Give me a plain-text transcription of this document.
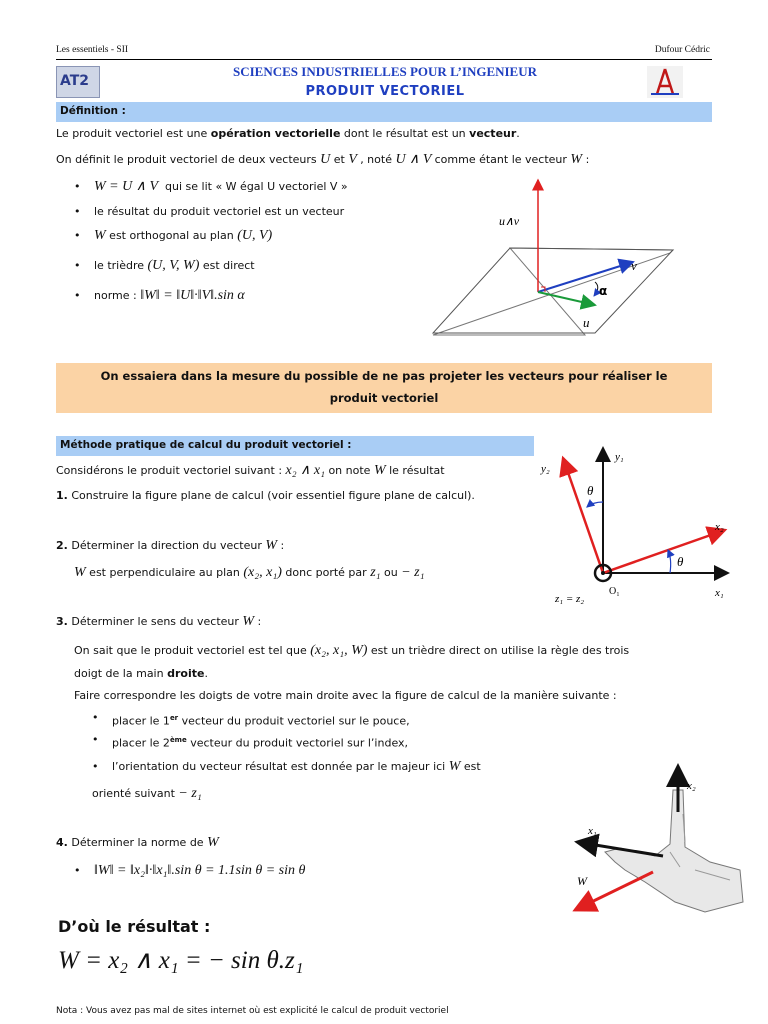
Les essentiels - SII	Dufour Cédric
AT2
SCIENCES INDUSTRIELLES POUR L’INGENIEUR
PRODUIT VECTORIEL
Définition :
Le produit vectoriel est une opération vectorielle dont le résultat est un vecteur.
On définit le produit vectoriel de deux vecteurs U et V , noté U ∧ V comme étant le vecteur W :
• W = U ∧ V qui se lit « W égal U vectoriel V »
• le résultat du produit vectoriel est un vecteur
• W est orthogonal au plan (U, V)
• le trièdre (U, V, W) est direct
• norme : ‖W‖ = ‖U‖·‖V‖.sin α
u∧v
v
u
α
On essaiera dans la mesure du possible de ne pas projeter les vecteurs pour réaliser le
produit vectoriel
Méthode pratique de calcul du produit vectoriel :
Considérons le produit vectoriel suivant : x₂ ∧ x₁ on note W le résultat
1. Construire la figure plane de calcul (voir essentiel figure plane de calcul).
2. Déterminer la direction du vecteur W :
W est perpendiculaire au plan (x₂, x₁) donc porté par z₁ ou − z₁
3. Déterminer le sens du vecteur W :
On sait que le produit vectoriel est tel que (x₂, x₁, W) est un trièdre direct on utilise la règle des trois
doigt de la main droite.
Faire correspondre les doigts de votre main droite avec la figure de calcul de la manière suivante :
• placer le 1er vecteur du produit vectoriel sur le pouce,
• placer le 2ème vecteur du produit vectoriel sur l’index,
• l’orientation du vecteur résultat est donnée par le majeur ici W est
orienté suivant − z₁
4. Déterminer la norme de W
• ‖W‖ = ‖x₂‖·‖x₁‖.sin θ = 1.1sin θ = sin θ
y₂
y₁
x₂
x₁
θ
θ
O₁
z₁ = z₂
x₂
x₁
W
D’où le résultat :
W = x₂ ∧ x₁ = − sin θ.z₁
Nota : Vous avez pas mal de sites internet où est explicité le calcul de produit vectoriel
